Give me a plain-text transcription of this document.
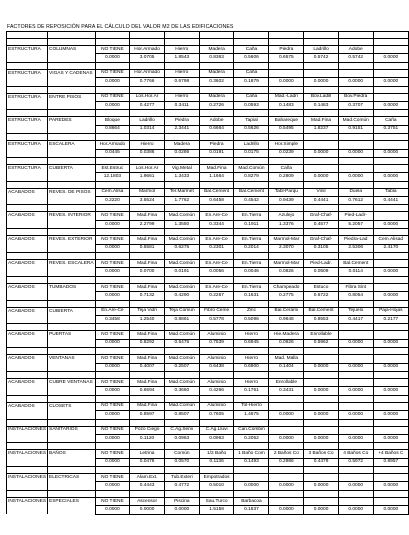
FACTORES DE REPOSICIÓN PARA EL CÁLCULO DEL VALOR M2 DE LAS EDIFICACIONES

ESTRUCTURA	COLUMNAS	NO TIENE	Hor.Armado	Hierro	Madera	Caña	Piedra	Ladrillo	Adobe	
		0.0000	3.0705	1.8543	0.8363	0.5606	0.6575	0.5742	0.5742	0.0000

ESTRUCTURA	VIGAS Y CADENAS	NO TIENE	Hor.Armado	Hierro	Madera	Caña				
		0.0000	0.7766	0.6798	0.3602	0.1879	0.0000	0.0000	0.0000	0.0000

ESTRUCTURA	ENTRE PISOS	NO TIENE	Los.Hor.Ar	Hierro	Madera	Caña	Mad.-Ladri	Bov.Ladill	Bov.Piedra	
		0.0000	0.4277	0.3411	0.2726	0.0593	0.1483	0.1483	0.3707	0.0000

ESTRUCTURA	PAREDES	Bloque	Ladrillo	Piedra	Adobe	Tapial	Bahareque	Mad.Fina	Mad.Común	Caña
		0.8664	1.0314	2.3441	0.6664	0.5626	0.5495	1.8237	0.9151	0.3751

ESTRUCTURA	ESCALERA	Hor.Armado	Hierro	Madera	Piedra	Ladrillo	Hor.Simple			
		0.0445	0.0386	0.0286	0.0191	0.0175	0.0239	0.0000	0.0000	0.0000

ESTRUCTURA	CUBIERTA	Est.Estruc	Los.Hor.Ar	Vig.Metal	Mad.Fina	Mad.Común	Caña			
		12.1803	1.9661	1.3433	1.1664	0.8279	0.2809	0.0000	0.0000	0.0000

ACABADOS	REVES. DE PISOS	Cem.Alisa	Marmol	Ter.Marmet	Bal.Cement	Bal.Cement	Tabl-Parqu	Vinil	Duela	Tabla
		0.2220	3.5524	1.7762	0.6458	0.4542	0.9439	0.4441	0.7612	0.4441

ACABADOS	REVES. INTERIOR	NO TIENE	Mad.Fina	Mad.Común	En.Are-Ce	En.Tierra	Azulejo	Graf-Chaf-	Pied-Ladr-	
		0.0000	2.2799	1.3550	0.3344	0.1911	1.3376	0.4577	5.2057	0.0000

ACABADOS	REVES. EXTERIOR	NO TIENE	Mad.Fina	Mad.Común	En.Are-Ce	En.Tierra	Marmol-Mar	Graf-Chaf-	Piedra-Lad	Cem.Alisad
		0.0000	0.5581	0.6275	0.2301	0.2014	2.3070	0.3105	2.5306	2.4170

ACABADOS	REVES. ESCALERA	NO TIENE	Mad.Fina	Mad.Común	En.Are-Ce	En.Tierra	Marmol-Mar	Pied-Ladr.	Bal.Cement	
		0.0000	0.0700	0.0191	0.0056	0.0046	0.0826	0.0509	0.0114	0.0000

ACABADOS	TUMBADOS	NO TIENE	Mad.Fina	Mad.Común	En.Are-Ce	En.Tierra	Champeado	Estuco	Fibra Sint	
		0.0000	0.7132	0.4290	0.2267	0.1631	0.2775	0.6722	0.8054	0.0000

ACABADOS	CUBIERTA	En.Are-Ce	Teja Vidri	Teja Común	Fibro Ceme	Zinc	Bal.Cerámi	Bal.Cement	Tejuelo	Paja-Hojas
		0.3458	1.2540	0.8861	0.5778	0.5096	0.9648	0.8553	0.4417	0.2177

ACABADOS	PUERTAS	NO TIENE	Mad.Fina	Mad.Común	Aluminio	Hierro	Hie.Madera	Enrollable		
		0.0000	0.8292	0.5475	0.7539	0.6945	0.0626	0.5962	0.0000	0.0000

ACABADOS	VENTANAS	NO TIENE	Mad.Fina	Mad.Común	Aluminio	Hierro	Mad. Malla			
		0.0000	0.4007	0.2507	0.6438	0.6900	0.1404	0.0000	0.0000	0.0000

ACABADOS	CUBRE VENTANAS	NO TIENE	Mad.Fina	Mad.Común	Aluminio	Hierro	Enrollable			
		0.0000	0.6594	0.3660	0.4266	0.1761	0.3431	0.0000	0.0000	0.0000

ACABADOS	CLOSETS	NO TIENE	Mad.Fina	Mad.Común	Aluminio	Tol-Hierro				
		0.0000	0.8597	0.8507	0.7605	1.4675	0.0000	0.0000	0.0000	0.0000

INSTALACIONES	SANITARIOS	NO TIENE	Pozo Ciego	C.Ag.Servi	C.Ag.Lluvi	Can.Combin				
		0.0000	0.1120	0.0963	0.0963	0.2052	0.0000	0.0000	0.0000	0.0000

INSTALACIONES	BAÑOS	NO TIENE	Letrina	Común	1/2 Baño	1 Baño Com	2 Baños Co	3 Baños Co	4 Baños Co	+4 Baños C
		0.0000	0.0478	0.0570	0.1136	0.1493	0.2986	0.4479	0.5972	0.8957

INSTALACIONES	ELECTRICAS	NO TIENE	Alam.Ext.	Tub.Exteri	Empotrados					
		0.0000	0.4443	0.4772	0.5010	0.0000	0.0000	0.0000	0.0000	0.0000

INSTALACIONES	ESPECIALES	NO TIENE	Ascensor	Piscina	Sau.Turco	Barbacoa				
		0.0000	0.0000	0.0000	1.5158	0.1837	0.0000	0.0000	0.0000	0.0000
